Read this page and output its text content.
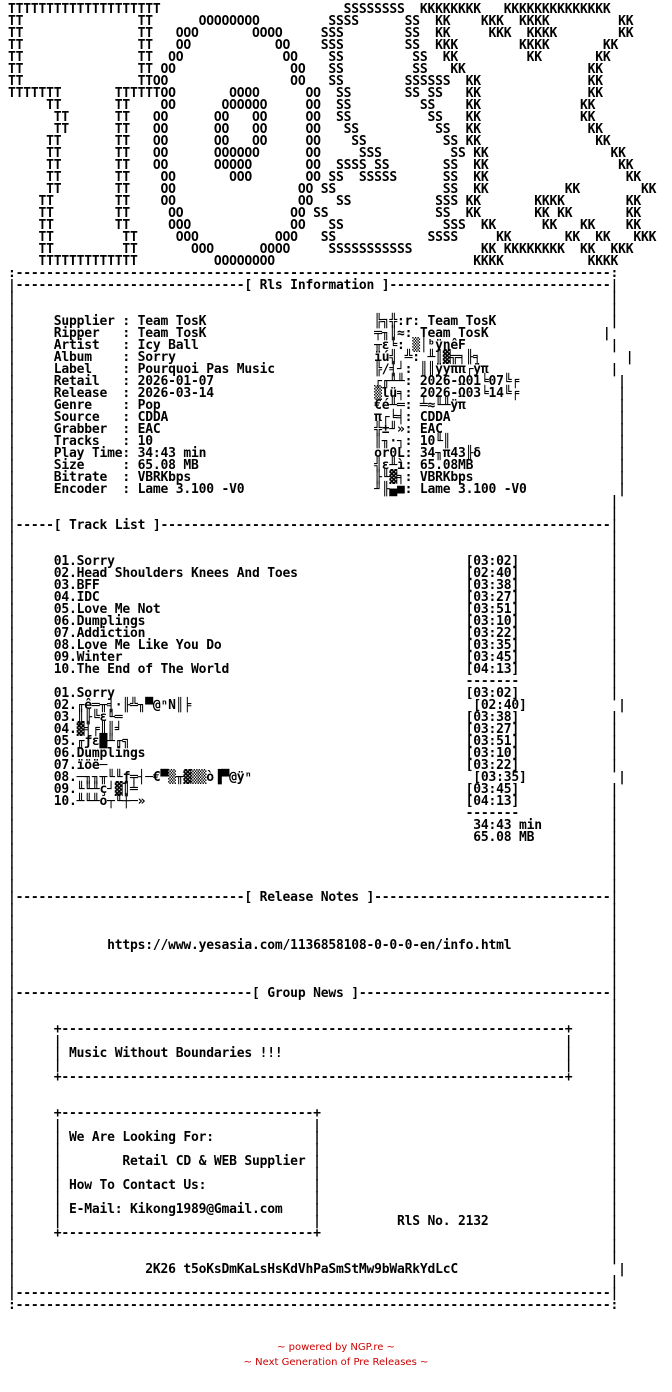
TTTTTTTTTTTTTTTTTTTT                        SSSSSSSS  KKKKKKKK   KKKKKKKKKKKKKK
TT               TT      OOOOOOOO         SSSS      SS  KK    KKK  KKKK         KK
TT               TT   OOO       OOOO     SSS        SS  KK     KKK  KKKK        KK
TT               TT   OO           OO    SSS        SS  KKK        KKKK       KK
TT               TT  OO             OO    SS         SS  KK         KK       KK
TT               TT OO               OO   SS         SS   KK                KK
TT               TTOO                OO   SS        SSSSSS  KK              KK
TTTTTTT       TTTTTTOO       OOOO      OO  SS       SS SS   KK              KK
TT       TT    OO      OOOOOO     OO  SS         SS    KK             KK
TT      TT   OO      OO   OO     OO  SS          SS   KK             KK
TT      TT   OO      OO   OO     OO   SS          SS  KK              KK
TT       TT   OO      OO   OO     OO    SS          SS KK               KK
TT       TT   OO      OOOOOO      OO     SSS         SS KK                KK
TT       TT   OO      OOOOO       OO  SSSS SS       SS  KK                 KK
TT       TT    OO       OOO       OO SS  SSSSS      SS  KK                  KK
TT       TT    OO                OO SS              SS  KK          KK        KK
TT        TT    OO                OO   SS           SSS KK       KKKK        KK
TT        TT     OO              OO SS              SS  KK       KK KK       KK
TT        TT     OOO             OO   SS             SSS  KK      KK   KK    KK
TT         TT     OOO          OOO   SS            SSSS     KK       KK  KK   KKK
TT         TT       OOO      OOOO     SSSSSSSSSSS         KK KKKKKKKK  KK  KKK
TTTTTTTTTTTTT          OOOOOOOO                          KKKK           KKKK
:------------------------------------------------------------------------------:
|------------------------------[ Rls Information ]-----------------------------|
|                                                                              |
|                                                                              |
|     Supplier : Team TosK                      ╠╗╬:r: Team TosK               |
|     Ripper   : Team TosK                      ╤╖║≈: Team TosK               |
|     Artist   : Icy Ball                       ╥ε╘: ▒│ᵇÿnêF                   |
|     Album    : Sorry                          ïú╣ ╩: ╨║▓╦╕╟╕                   |
|     Label    : Pourquoi Pas Music             ╠∕╡┘: ║║ÿyππ┌ÿπ                |
|     Retail   : 2026-01-07                     ┌╓╨╨: 2026-Ω01╘07╚╒             |
|     Release  : 2026-03-14                     ▒lü╕: 2026-Ω03╘14╚╒             |
|     Genre    : Pop                            €é╨═: ╧≈╙╨ÿπ                    |
|     Source   : CDDA                           π┌╘╡: CDDA                      |
|     Grabber  : EAC                            ╬±╜»: EAC                       |
|     Tracks   : 10                             ║╖·┐: 10╙║                      |
|     Play Time: 34:43 min                      or0L: 34╖π43╟δ                  |
|     Size     : 65.08 MB                       ╣ε╨ì: 65.08MB                   |
|     Bitrate  : VBRKbps                        ╟╙▓╕: VBRKbps                   |
|     Encoder  : Lame 3.100 -V0                 ╜╟▄■: Lame 3.100 -V0            |
|                                                                              |
|                                                                              |
|-----[ Track List ]-----------------------------------------------------------|
|                                                                              |
|                                                                              |
|     01.Sorry                                              [03:02]            |
|     02.Head Shoulders Knees And Toes                      [02:40]            |
|     03.BFF                                                [03:38]            |
|     04.IDC                                                [03:27]            |
|     05.Love Me Not                                        [03:51]            |
|     06.Dumplings                                          [03:10]            |
|     07.Addiction                                          [03:22]            |
|     08.Love Me Like You Do                                [03:35]            |
|     09.Winter                                             [03:45]            |
|     10.The End of The World                               [04:13]            |
|                                                           -------            |
|     01.Sorry                                              [03:02]            |
|     02.╓ê═╥╡·╟╩╖▀@ⁿN║╞                                     [02:40]            |
|     03.║╟╚ε╙═                                             [03:38]            |
|     04.▓╡╒║║╛                                             [03:27]            |
|     05.╓ƒε█╨╓╗                                            [03:51]            |
|     06.Dumplings                                          [03:10]            |
|     07.ïöë─                                               [03:22]            |
|     08.─╖╖╥╙╙ƒ╤┤─€▀▒╥▓▒▒ò▐▀@ÿⁿ                             [03:35]            |
|     09.╙╙╨ç┘▓║╧                                           [03:45]            |
|     10.╨╙╨o┬╙┼─»                                          [04:13]            |
|                                                           -------            |
|                                                            34:43 min         |
|                                                            65.08 MB          |
|                                                                              |
|                                                                              |
|                                                                              |
|                                                                              |
|------------------------------[ Release Notes ]-------------------------------|
|                                                                              |
|                                                                              |
|                                                                              |
|            https://www.yesasia.com/1136858108-0-0-0-en/info.html             |
|                                                                              |
|                                                                              |
|                                                                              |
|-------------------------------[ Group News ]---------------------------------|
|                                                                              |
|                                                                              |
|     +------------------------------------------------------------------+     |
|     |                                                                  |     |
|     | Music Without Boundaries !!!                                     |     |
|     |                                                                  |     |
|     +------------------------------------------------------------------+     |
|                                                                              |
|                                                                              |
|     +---------------------------------+                                      |
|     |                                 |                                      |
|     | We Are Looking For:             |                                      |
|     |                                 |                                      |
|     |        Retail CD & WEB Supplier |                                      |
|     |                                 |                                      |
|     | How To Contact Us:              |                                      |
|     |                                 |                                      |
|     | E-Mail: Kikong1989@Gmail.com    |                                      |
|     |                                 |          RlS No. 2132                |
|     +---------------------------------+                                      |
|                                                                              |
|                                                                              |
|                 2K26 t5oKsDmKaLsHsKdVhPaSmStMw9bWaRkYdLcC                     |
|                                                                              |
|------------------------------------------------------------------------------|
:------------------------------------------------------------------------------:

~ powered by NGP.re ~
~ Next Generation of Pre Releases ~
